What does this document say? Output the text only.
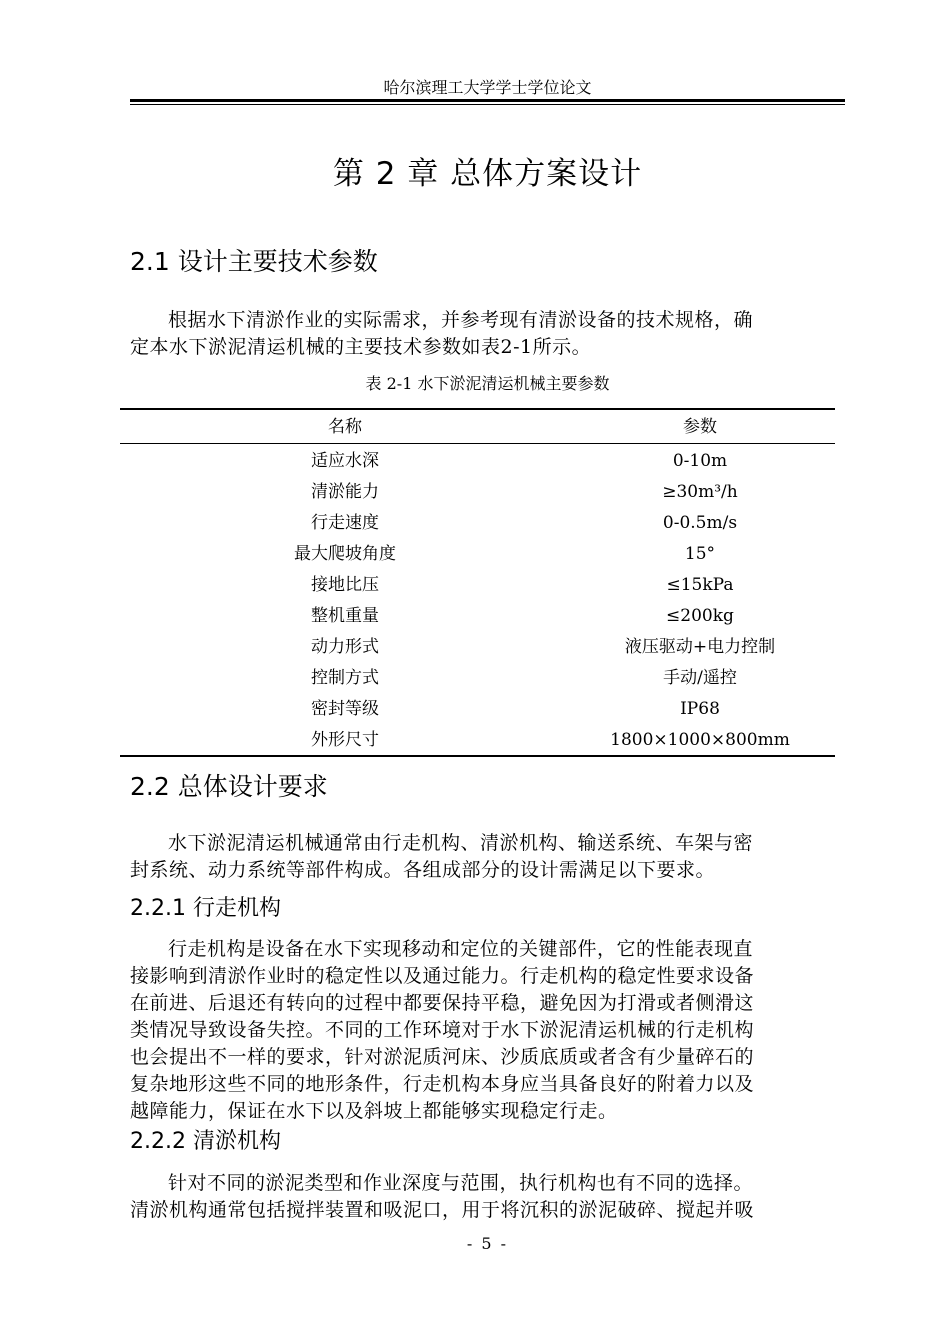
哈尔滨理工大学学士学位论文
第 2 章 总体方案设计
2.1 设计主要技术参数
根据水下清淤作业的实际需求，并参考现有清淤设备的技术规格，确
定本水下淤泥清运机械的主要技术参数如表2-1所示。
表 2-1 水下淤泥清运机械主要参数
名称	参数
适应水深	0-10m
清淤能力	≥30m³/h
行走速度	0-0.5m/s
最大爬坡角度	15°
接地比压	≤15kPa
整机重量	≤200kg
动力形式	液压驱动+电力控制
控制方式	手动/遥控
密封等级	IP68
外形尺寸	1800×1000×800mm
2.2 总体设计要求
水下淤泥清运机械通常由行走机构、清淤机构、输送系统、车架与密
封系统、动力系统等部件构成。各组成部分的设计需满足以下要求。
2.2.1 行走机构
行走机构是设备在水下实现移动和定位的关键部件，它的性能表现直
接影响到清淤作业时的稳定性以及通过能力。行走机构的稳定性要求设备
在前进、后退还有转向的过程中都要保持平稳，避免因为打滑或者侧滑这
类情况导致设备失控。不同的工作环境对于水下淤泥清运机械的行走机构
也会提出不一样的要求，针对淤泥质河床、沙质底质或者含有少量碎石的
复杂地形这些不同的地形条件，行走机构本身应当具备良好的附着力以及
越障能力，保证在水下以及斜坡上都能够实现稳定行走。
2.2.2 清淤机构
针对不同的淤泥类型和作业深度与范围，执行机构也有不同的选择。
清淤机构通常包括搅拌装置和吸泥口，用于将沉积的淤泥破碎、搅起并吸
- 5 -
